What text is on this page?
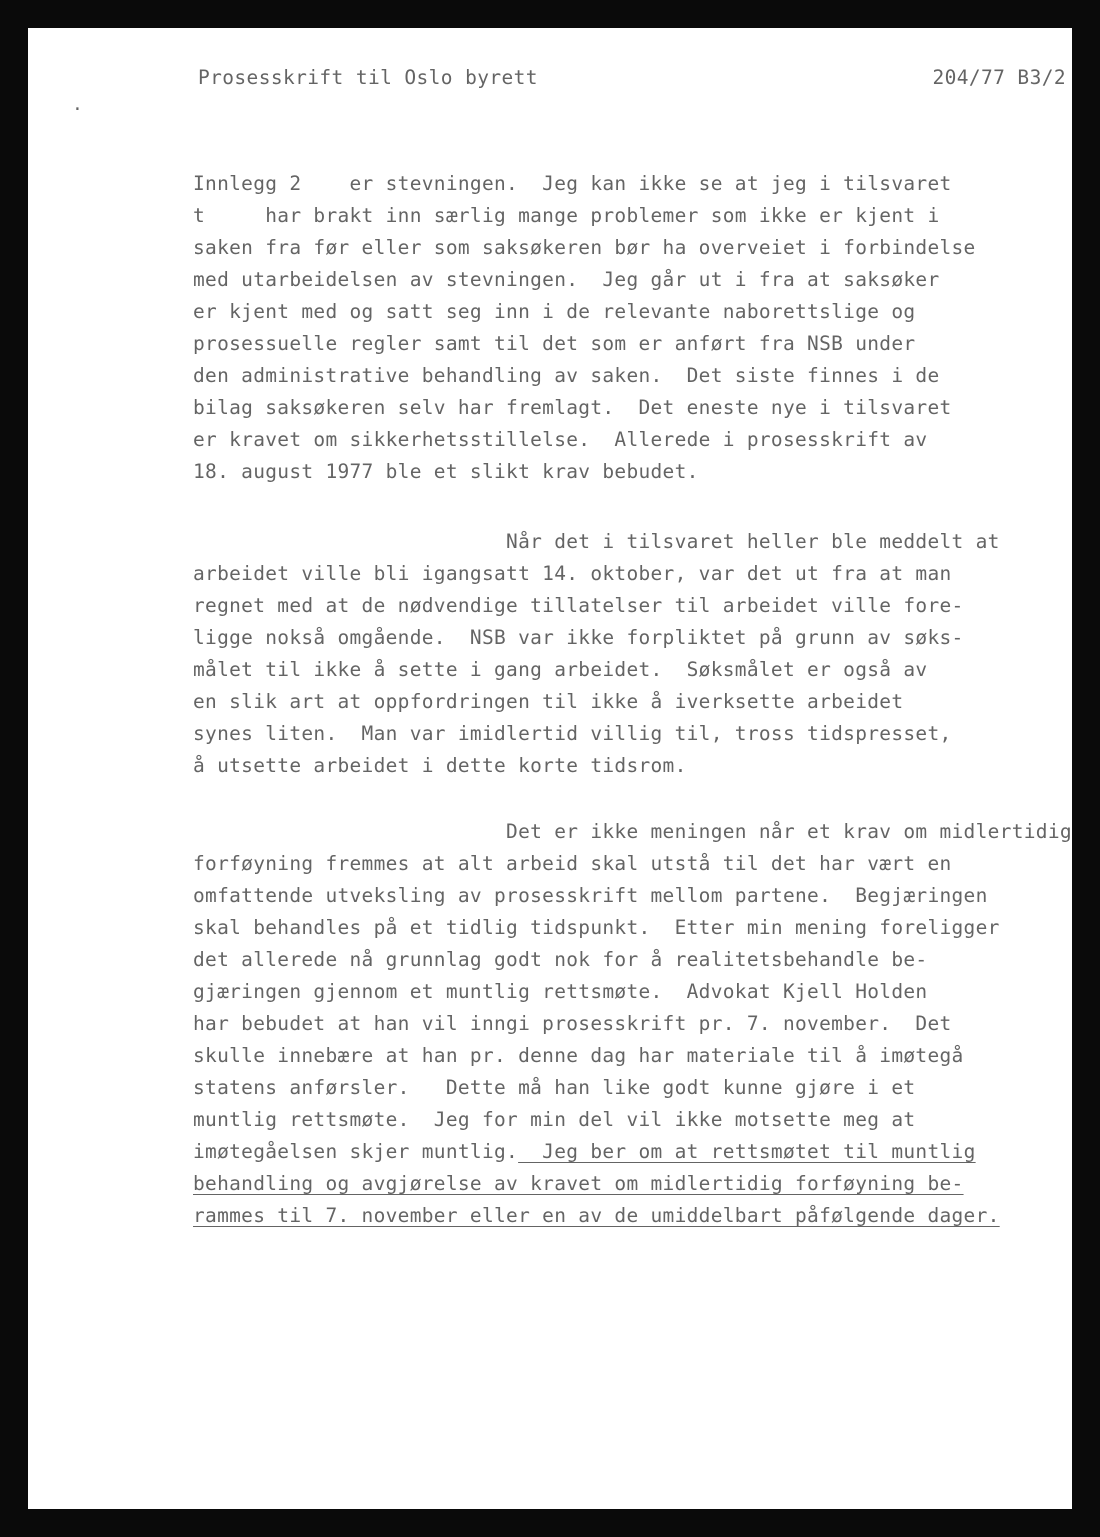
Prosesskrift til Oslo byrett	204/77 B3/2
.
Innlegg 2    er stevningen.  Jeg kan ikke se at jeg i tilsvaret
t     har brakt inn særlig mange problemer som ikke er kjent i
saken fra før eller som saksøkeren bør ha overveiet i forbindelse
med utarbeidelsen av stevningen.  Jeg går ut i fra at saksøker
er kjent med og satt seg inn i de relevante naborettslige og
prosessuelle regler samt til det som er anført fra NSB under
den administrative behandling av saken.  Det siste finnes i de
bilag saksøkeren selv har fremlagt.  Det eneste nye i tilsvaret
er kravet om sikkerhetsstillelse.  Allerede i prosesskrift av
18. august 1977 ble et slikt krav bebudet.
Når det i tilsvaret heller ble meddelt at
arbeidet ville bli igangsatt 14. oktober, var det ut fra at man
regnet med at de nødvendige tillatelser til arbeidet ville fore-
ligge nokså omgående.  NSB var ikke forpliktet på grunn av søks-
målet til ikke å sette i gang arbeidet.  Søksmålet er også av
en slik art at oppfordringen til ikke å iverksette arbeidet
synes liten.  Man var imidlertid villig til, tross tidspresset,
å utsette arbeidet i dette korte tidsrom.
Det er ikke meningen når et krav om midlertidig
forføyning fremmes at alt arbeid skal utstå til det har vært en
omfattende utveksling av prosesskrift mellom partene.  Begjæringen
skal behandles på et tidlig tidspunkt.  Etter min mening foreligger
det allerede nå grunnlag godt nok for å realitetsbehandle be-
gjæringen gjennom et muntlig rettsmøte.  Advokat Kjell Holden
har bebudet at han vil inngi prosesskrift pr. 7. november.  Det
skulle innebære at han pr. denne dag har materiale til å imøtegå
statens anførsler.   Dette må han like godt kunne gjøre i et
muntlig rettsmøte.  Jeg for min del vil ikke motsette meg at
imøtegåelsen skjer muntlig.  Jeg ber om at rettsmøtet til muntlig
behandling og avgjørelse av kravet om midlertidig forføyning be-
rammes til 7. november eller en av de umiddelbart påfølgende dager.
